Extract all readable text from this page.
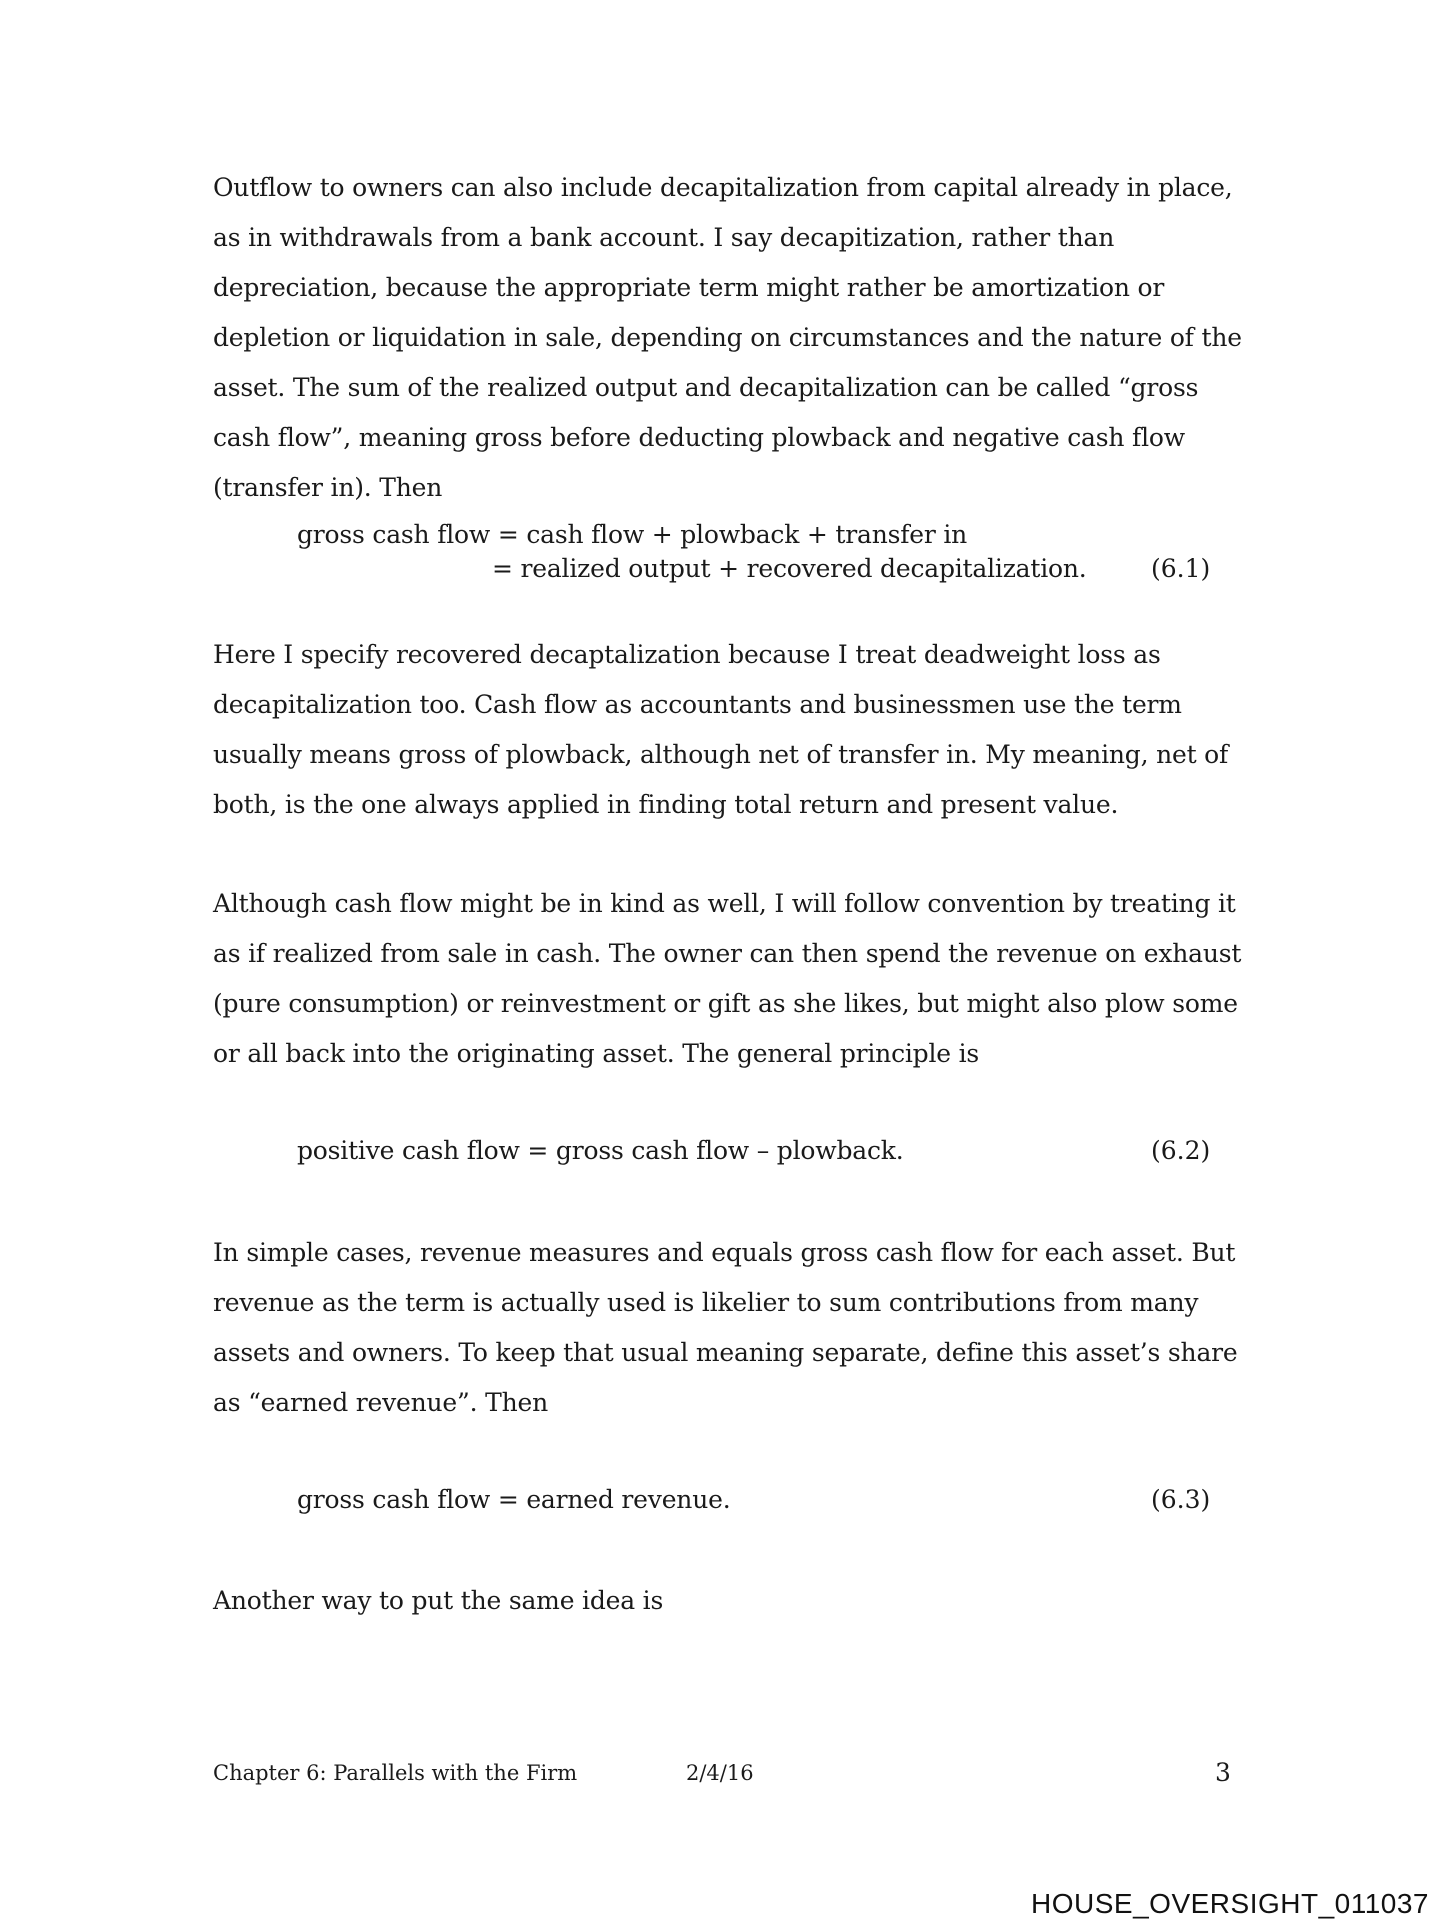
Outflow to owners can also include decapitalization from capital already in place, as in withdrawals from a bank account. I say decapitization, rather than depreciation, because the appropriate term might rather be amortization or depletion or liquidation in sale, depending on circumstances and the nature of the asset. The sum of the realized output and decapitalization can be called “gross cash flow”, meaning gross before deducting plowback and negative cash flow (transfer in). Then

gross cash flow = cash flow + plowback + transfer in
= realized output + recovered decapitalization.	(6.1)

Here I specify recovered decaptalization because I treat deadweight loss as decapitalization too. Cash flow as accountants and businessmen use the term usually means gross of plowback, although net of transfer in. My meaning, net of both, is the one always applied in finding total return and present value.

Although cash flow might be in kind as well, I will follow convention by treating it as if realized from sale in cash. The owner can then spend the revenue on exhaust (pure consumption) or reinvestment or gift as she likes, but might also plow some or all back into the originating asset. The general principle is

positive cash flow = gross cash flow – plowback.	(6.2)

In simple cases, revenue measures and equals gross cash flow for each asset. But revenue as the term is actually used is likelier to sum contributions from many assets and owners. To keep that usual meaning separate, define this asset’s share as “earned revenue”. Then

gross cash flow = earned revenue.	(6.3)

Another way to put the same idea is

Chapter 6: Parallels with the Firm	2/4/16	3
HOUSE_OVERSIGHT_011037
